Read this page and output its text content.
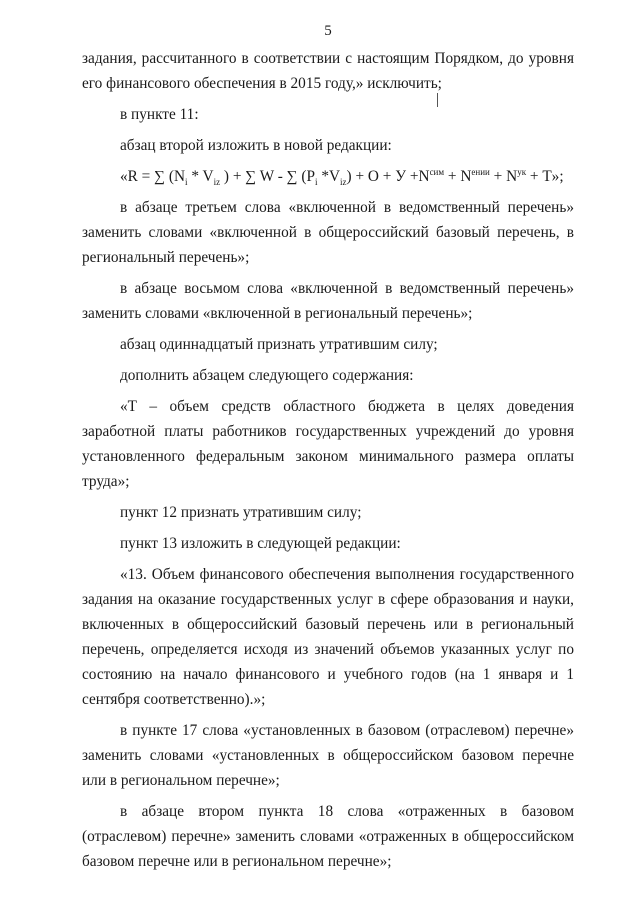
5

задания, рассчитанного в соответствии с настоящим Порядком, до уровня его финансового обеспечения в 2015 году,» исключить;

в пункте 11:

абзац второй изложить в новой редакции:

«R = ∑ ($N_i * V_{iz}$ ) + ∑ W - ∑ ($P_i$ $*V_{iz}) + O + У +N^{сим} + N^{ении} + N^{ук} + T$»;

в абзаце третьем слова «включенной в ведомственный перечень»

заменить словами «включенной в общероссийский базовый перечень, в региональный перечень»;

в абзаце восьмом слова «включенной в ведомственный перечень»

заменить словами «включенной в региональный перечень»;

абзац одиннадцатый признать утратившим силу;

дополнить абзацем следующего содержания:

«Т – объем средств областного бюджета в целях доведения заработной платы работников государственных учреждений до уровня установленного федеральным законом минимального размера оплаты труда»;

пункт 12 признать утратившим силу;

пункт 13 изложить в следующей редакции:

«13. Объем финансового обеспечения выполнения государственного задания на оказание государственных услуг в сфере образования и науки, включенных в общероссийский базовый перечень или в региональный перечень, определяется исходя из значений объемов указанных услуг по состоянию на начало финансового и учебного годов (на 1 января и 1 сентября соответственно).»;

в пункте 17 слова «установленных в базовом (отраслевом) перечне»

заменить словами «установленных в общероссийском базовом перечне или в региональном перечне»;

в абзаце втором пункта 18 слова «отраженных в базовом (отраслевом) перечне» заменить словами «отраженных в общероссийском базовом перечне или в региональном перечне»;
